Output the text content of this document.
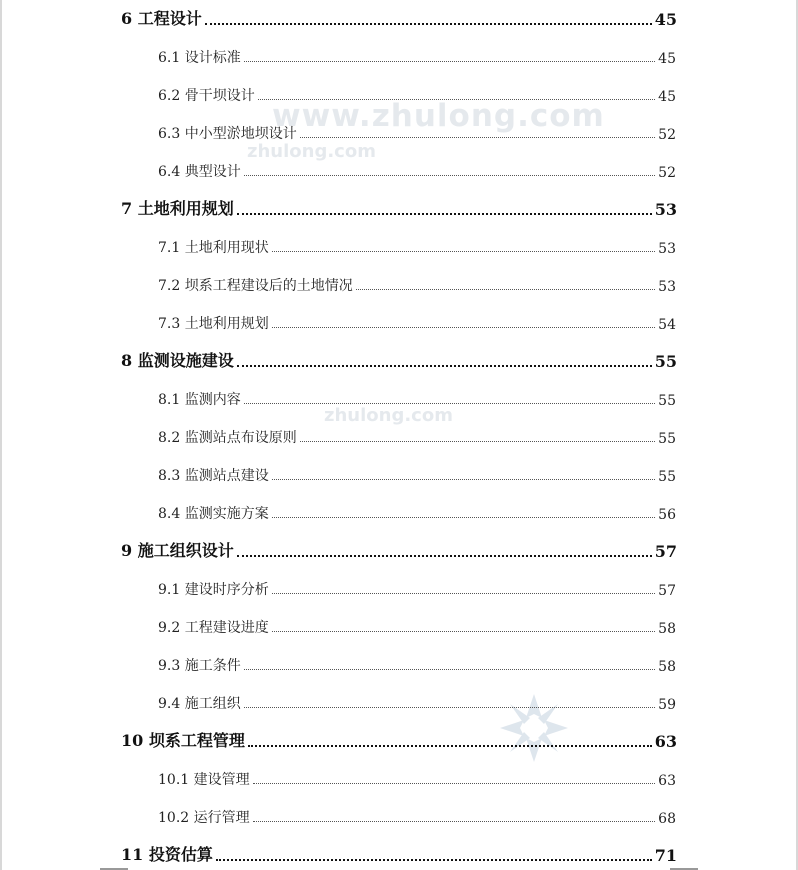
www.zhulong.com
zhulong.com
zhulong.com
6 工程设计	45
6.1 设计标准	45
6.2 骨干坝设计	45
6.3 中小型淤地坝设计	52
6.4 典型设计	52
7 土地利用规划	53
7.1 土地利用现状	53
7.2 坝系工程建设后的土地情况	53
7.3 土地利用规划	54
8 监测设施建设	55
8.1 监测内容	55
8.2 监测站点布设原则	55
8.3 监测站点建设	55
8.4 监测实施方案	56
9 施工组织设计	57
9.1 建设时序分析	57
9.2 工程建设进度	58
9.3 施工条件	58
9.4 施工组织	59
10 坝系工程管理	63
10.1 建设管理	63
10.2 运行管理	68
11 投资估算	71
